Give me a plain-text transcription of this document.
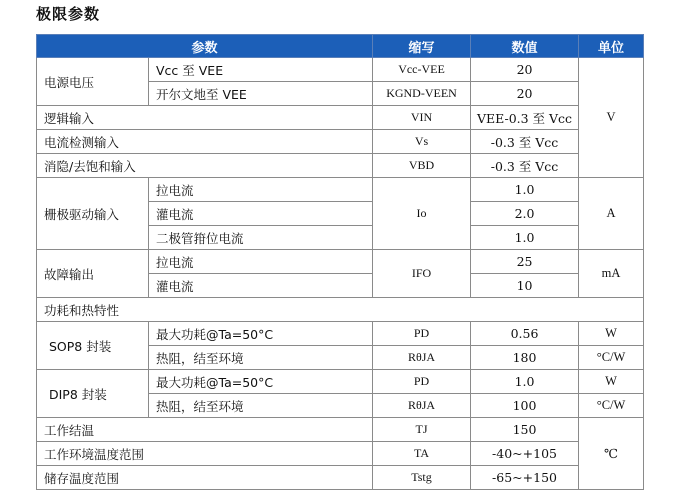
极限参数
参数		缩写	数值	单位
电源电压	Vcc 至 VEE	Vcc-VEE	20	V
	开尔文地至 VEE	KGND-VEEN	20	
逻辑输入		VIN	VEE-0.3 至 Vcc	
电流检测输入		Vs	-0.3 至 Vcc	
消隐/去饱和输入		VBD	-0.3 至 Vcc	
栅极驱动输入	拉电流	Io	1.0	A
	灌电流		2.0	
	二极管箝位电流		1.0	
故障输出	拉电流	IFO	25	mA
	灌电流		10	
功耗和热特性				
SOP8 封装	最大功耗@Ta=50°C	PD	0.56	W
	热阻，结至环境	RθJA	180	°C/W
DIP8 封装	最大功耗@Ta=50°C	PD	1.0	W
	热阻，结至环境	RθJA	100	°C/W
工作结温		TJ	150	℃
工作环境温度范围		TA	-40~+105	
储存温度范围		Tstg	-65~+150	
